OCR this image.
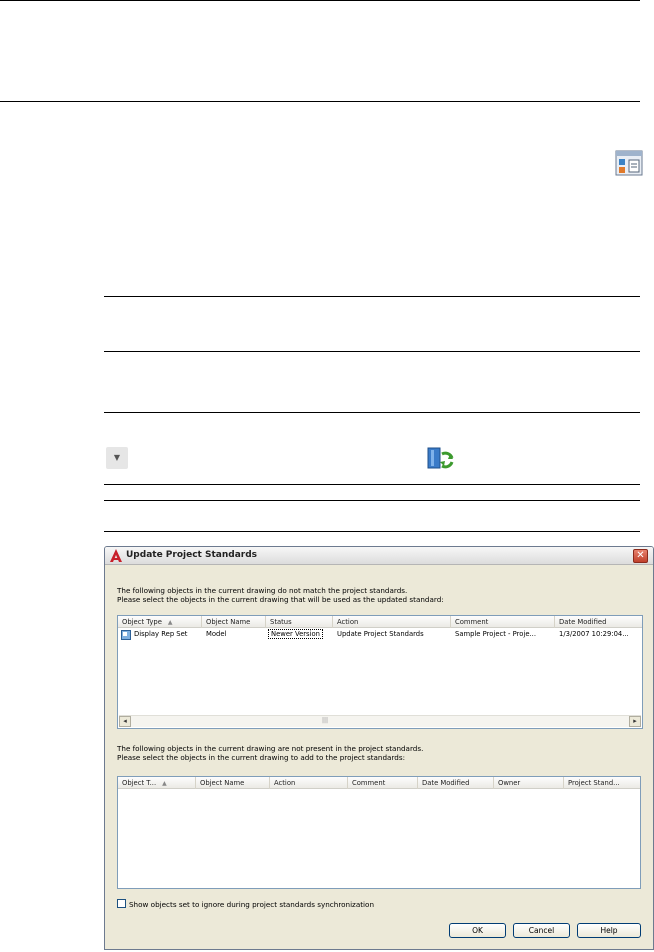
▼
Update Project Standards	✕
The following objects in the current drawing do not match the project standards.
Please select the objects in the current drawing that will be used as the updated standard:
Object Type ▲	Object Name	Status	Action	Comment	Date Modified
Display Rep Set	Model	Newer Version	Update Project Standards	Sample Project - Proje...	1/3/2007 10:29:04...
◂	|||	▸
The following objects in the current drawing are not present in the project standards.
Please select the objects in the current drawing to add to the project standards:
Object T... ▲	Object Name	Action	Comment	Date Modified	Owner	Project Stand...
Show objects set to ignore during project standards synchronization
OK	Cancel	Help
